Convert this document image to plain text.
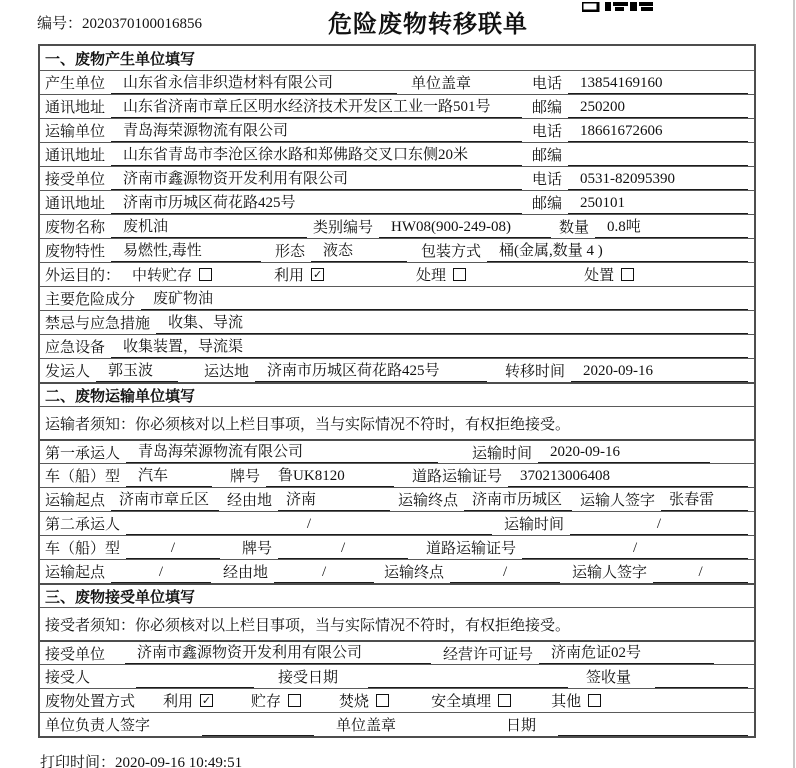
编号：2020370100016856	危险废物转移联单
一、废物产生单位填写
产生单位	山东省永信非织造材料有限公司	单位盖章	电话	13854169160
通讯地址	山东省济南市章丘区明水经济技术开发区工业一路501号	邮编	250200
运输单位	青岛海荣源物流有限公司	电话	18661672606
通讯地址	山东省青岛市李沧区徐水路和郑佛路交叉口东侧20米	邮编
接受单位	济南市鑫源物资开发利用有限公司	电话	0531-82095390
通讯地址	济南市历城区荷花路425号	邮编	250101
废物名称	废机油	类别编号	HW08(900-249-08)	数量	0.8吨
废物特性	易燃性,毒性	形态	液态	包装方式	桶(金属,数量 4 )
外运目的： 中转贮存	利用 ✓	处理	处置
主要危险成分	废矿物油
禁忌与应急措施	收集、导流
应急设备	收集装置，导流渠
发运人	郭玉波	运达地	济南市历城区荷花路425号	转移时间	2020-09-16
二、废物运输单位填写
运输者须知：你必须核对以上栏目事项，当与实际情况不符时，有权拒绝接受。
第一承运人	青岛海荣源物流有限公司	运输时间	2020-09-16
车（船）型	汽车	牌号	鲁UK8120	道路运输证号	370213006408
运输起点 济南市章丘区	经由地 济南	运输终点 济南市历城区	运输人签字 张春雷
第二承运人	/	运输时间	/
车（船）型	/	牌号	/	道路运输证号	/
运输起点	/	经由地	/	运输终点	/	运输人签字	/
三、废物接受单位填写
接受者须知：你必须核对以上栏目事项，当与实际情况不符时，有权拒绝接受。
接受单位	济南市鑫源物资开发利用有限公司	经营许可证号	济南危证02号
接受人	接受日期	签收量
废物处置方式	利用 ✓	贮存	焚烧	安全填埋	其他
单位负责人签字	单位盖章	日期
打印时间：2020-09-16 10:49:51
